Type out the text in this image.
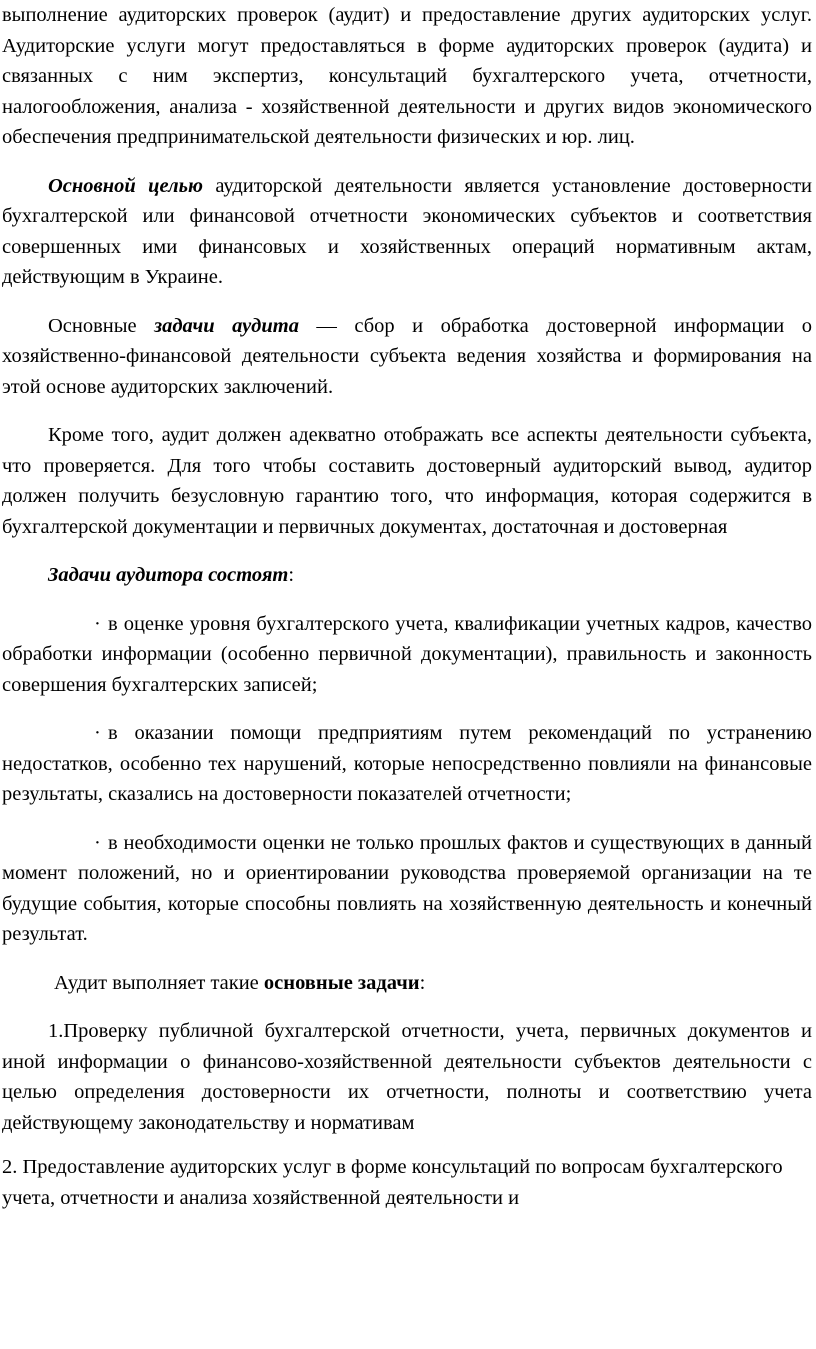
выполнение аудиторских проверок (аудит) и предоставление других аудиторских услуг. Аудиторские услуги могут предоставляться в форме аудиторских проверок (аудита) и связанных с ним экспертиз, консультаций бухгалтерского учета, отчетности, налогообложения, анализа - хозяйственной деятельности и других видов экономического обеспечения предпринимательской деятельности физических и юр. лиц.

Основной целью аудиторской деятельности является установление достоверности бухгалтерской или финансовой отчетности экономических субъектов и соответствия совершенных ими финансовых и хозяйственных операций нормативным актам, действующим в Украине.

Основные задачи аудита — сбор и обработка достоверной информации о хозяйственно-финансовой деятельности субъекта ведения хозяйства и формирования на этой основе аудиторских заключений.

Кроме того, аудит должен адекватно отображать все аспекты деятельности субъекта, что проверяется. Для того чтобы составить достоверный аудиторский вывод, аудитор должен получить безусловную гарантию того, что информация, которая содержится в бухгалтерской документации и первичных документах, достаточная и достоверная

Задачи аудитора состоят:

· в оценке уровня бухгалтерского учета, квалификации учетных кадров, качество обработки информации (особенно первичной документации), правильность и законность совершения бухгалтерских записей;

· в оказании помощи предприятиям путем рекомендаций по устранению недостатков, особенно тех нарушений, которые непосредственно повлияли на финансовые результаты, сказались на достоверности показателей отчетности;

· в необходимости оценки не только прошлых фактов и существующих в данный момент положений, но и ориентировании руководства проверяемой организации на те будущие события, которые способны повлиять на хозяйственную деятельность и конечный результат.

Аудит выполняет такие основные задачи:

1.Проверку публичной бухгалтерской отчетности, учета, первичных документов и иной информации о финансово-хозяйственной деятельности субъектов деятельности с целью определения достоверности их отчетности, полноты и соответствию учета действующему законодательству и нормативам

2. Предоставление аудиторских услуг в форме консультаций по вопросам бухгалтерского учета, отчетности и анализа хозяйственной деятельности и
